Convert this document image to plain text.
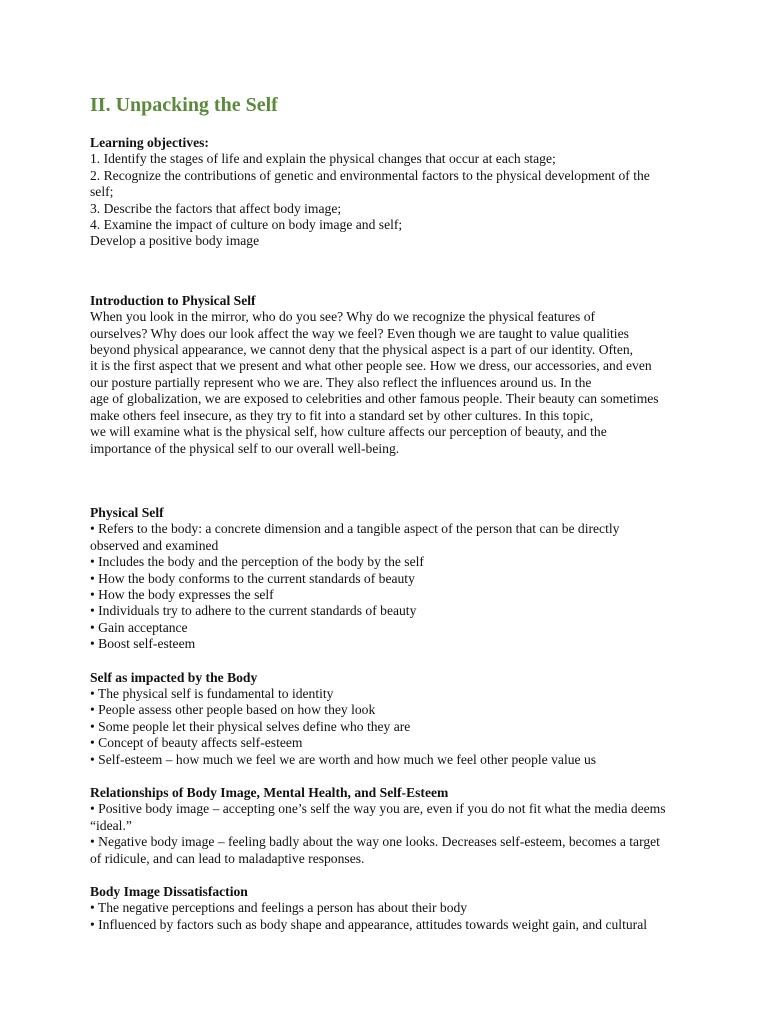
II. Unpacking the Self
Learning objectives:
1. Identify the stages of life and explain the physical changes that occur at each stage;
2. Recognize the contributions of genetic and environmental factors to the physical development of the
self;
3. Describe the factors that affect body image;
4. Examine the impact of culture on body image and self;
Develop a positive body image
Introduction to Physical Self
When you look in the mirror, who do you see? Why do we recognize the physical features of
ourselves? Why does our look affect the way we feel? Even though we are taught to value qualities
beyond physical appearance, we cannot deny that the physical aspect is a part of our identity. Often,
it is the first aspect that we present and what other people see. How we dress, our accessories, and even
our posture partially represent who we are. They also reflect the influences around us. In the
age of globalization, we are exposed to celebrities and other famous people. Their beauty can sometimes
make others feel insecure, as they try to fit into a standard set by other cultures. In this topic,
we will examine what is the physical self, how culture affects our perception of beauty, and the
importance of the physical self to our overall well-being.
Physical Self
• Refers to the body: a concrete dimension and a tangible aspect of the person that can be directly
observed and examined
• Includes the body and the perception of the body by the self
• How the body conforms to the current standards of beauty
• How the body expresses the self
• Individuals try to adhere to the current standards of beauty
• Gain acceptance
• Boost self-esteem
Self as impacted by the Body
• The physical self is fundamental to identity
• People assess other people based on how they look
• Some people let their physical selves define who they are
• Concept of beauty affects self-esteem
• Self-esteem – how much we feel we are worth and how much we feel other people value us
Relationships of Body Image, Mental Health, and Self-Esteem
• Positive body image – accepting one’s self the way you are, even if you do not fit what the media deems
“ideal.”
• Negative body image – feeling badly about the way one looks. Decreases self-esteem, becomes a target
of ridicule, and can lead to maladaptive responses.
Body Image Dissatisfaction
• The negative perceptions and feelings a person has about their body
• Influenced by factors such as body shape and appearance, attitudes towards weight gain, and cultural
